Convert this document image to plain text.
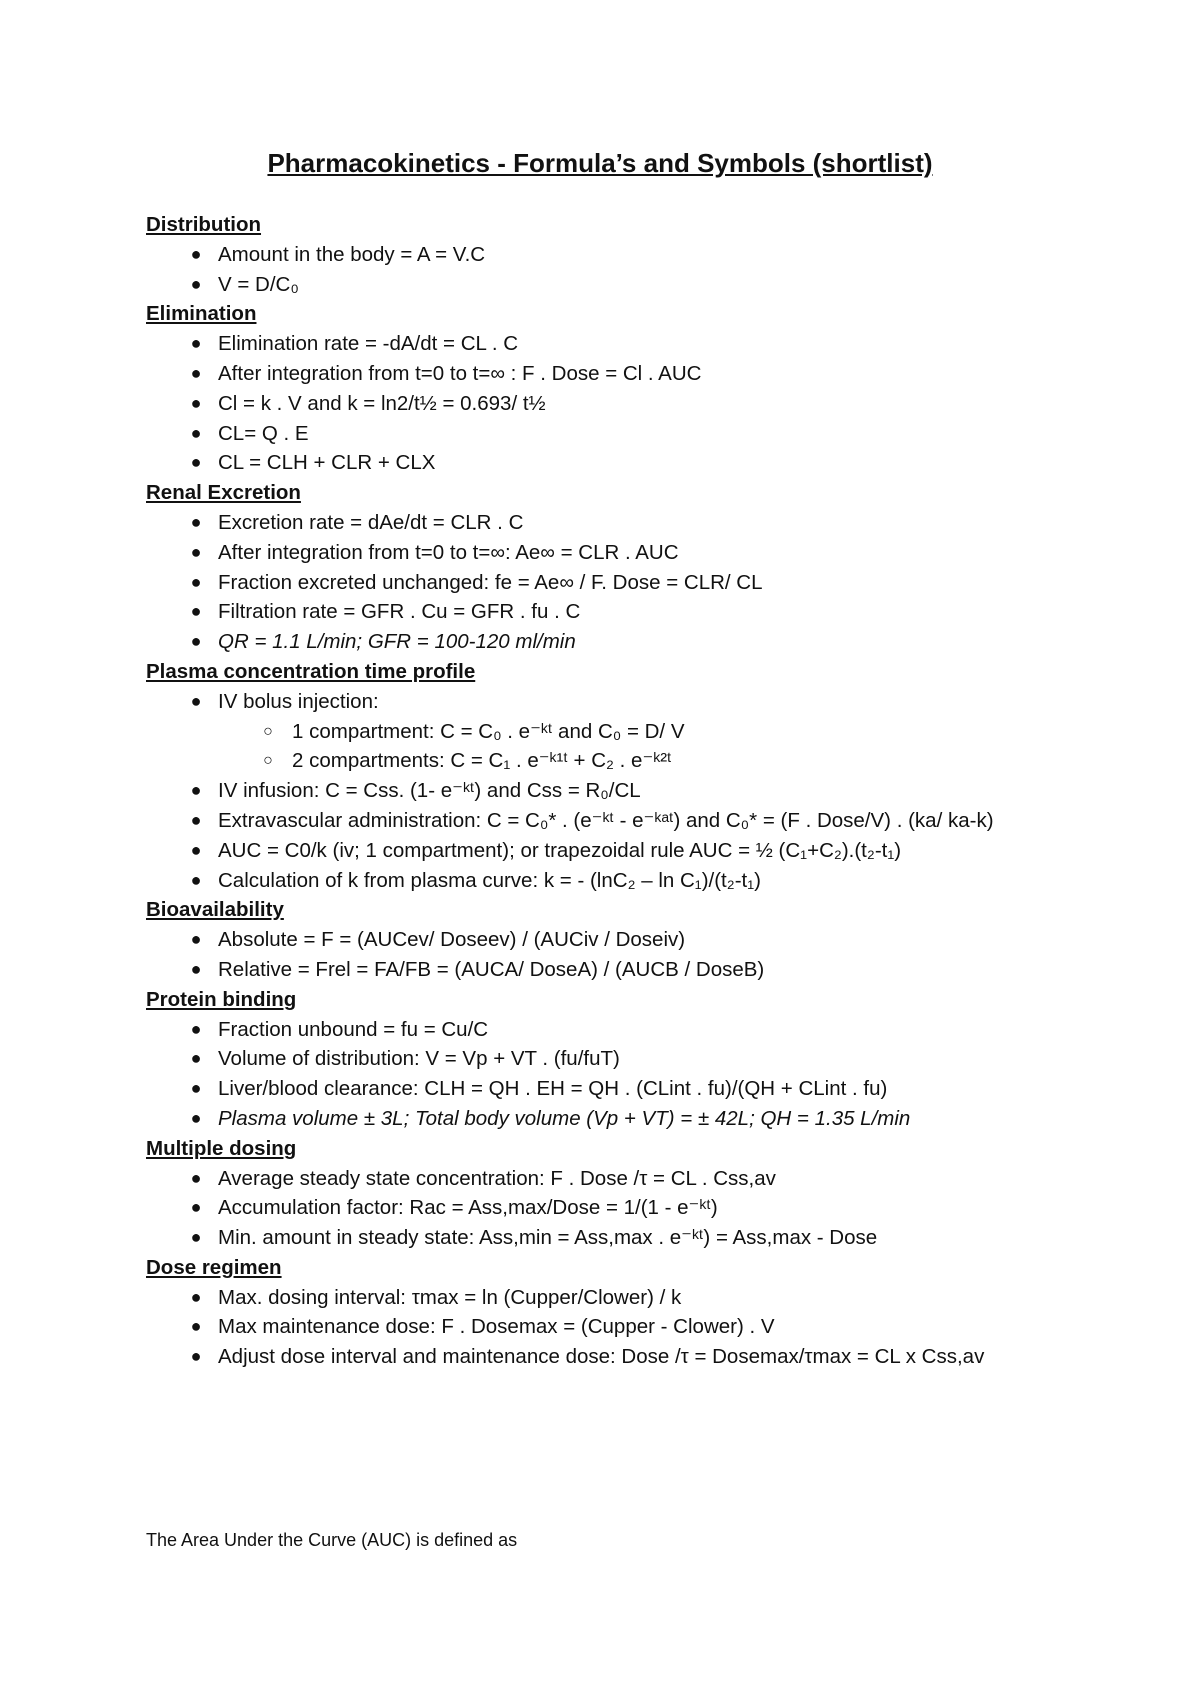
Pharmacokinetics - Formula’s and Symbols (shortlist)
Distribution
● Amount in the body = A = V.C
● V = D/C₀
Elimination
● Elimination rate = -dA/dt = CL . C
● After integration from t=0 to t=∞ : F . Dose = Cl . AUC
● Cl = k . V and k = ln2/t½ = 0.693/ t½
● CL= Q . E
● CL = CLH + CLR + CLX
Renal Excretion
● Excretion rate = dAe/dt = CLR . C
● After integration from t=0 to t=∞: Ae∞ = CLR . AUC
● Fraction excreted unchanged: fe = Ae∞ / F. Dose = CLR/ CL
● Filtration rate = GFR . Cu = GFR . fu . C
● QR = 1.1 L/min; GFR = 100-120 ml/min
Plasma concentration time profile
● IV bolus injection:
○ 1 compartment: C = C₀ . e⁻ᵏᵗ and C₀ = D/ V
○ 2 compartments: C = C₁ . e⁻ᵏ¹ᵗ + C₂ . e⁻ᵏ²ᵗ
● IV infusion: C = Css. (1- e⁻ᵏᵗ) and Css = R₀/CL
● Extravascular administration: C = C₀* . (e⁻ᵏᵗ - e⁻ᵏᵃᵗ) and C₀* = (F . Dose/V) . (ka/ ka-k)
● AUC = C0/k (iv; 1 compartment); or trapezoidal rule AUC = ½ (C₁+C₂).(t₂-t₁)
● Calculation of k from plasma curve: k = - (lnC₂ – ln C₁)/(t₂-t₁)
Bioavailability
● Absolute = F = (AUCev/ Doseev) / (AUCiv / Doseiv)
● Relative = Frel = FA/FB = (AUCA/ DoseA) / (AUCB / DoseB)
Protein binding
● Fraction unbound = fu = Cu/C
● Volume of distribution: V = Vp + VT . (fu/fuT)
● Liver/blood clearance: CLH = QH . EH = QH . (CLint . fu)/(QH + CLint . fu)
● Plasma volume ± 3L; Total body volume (Vp + VT) = ± 42L; QH = 1.35 L/min
Multiple dosing
● Average steady state concentration: F . Dose /τ = CL . Css,av
● Accumulation factor: Rac = Ass,max/Dose = 1/(1 - e⁻ᵏᵗ)
● Min. amount in steady state: Ass,min = Ass,max . e⁻ᵏᵗ) = Ass,max - Dose
Dose regimen
● Max. dosing interval: τmax = ln (Cupper/Clower) / k
● Max maintenance dose: F . Dosemax = (Cupper - Clower) . V
● Adjust dose interval and maintenance dose: Dose /τ = Dosemax/τmax = CL x Css,av
The Area Under the Curve (AUC) is defined as
